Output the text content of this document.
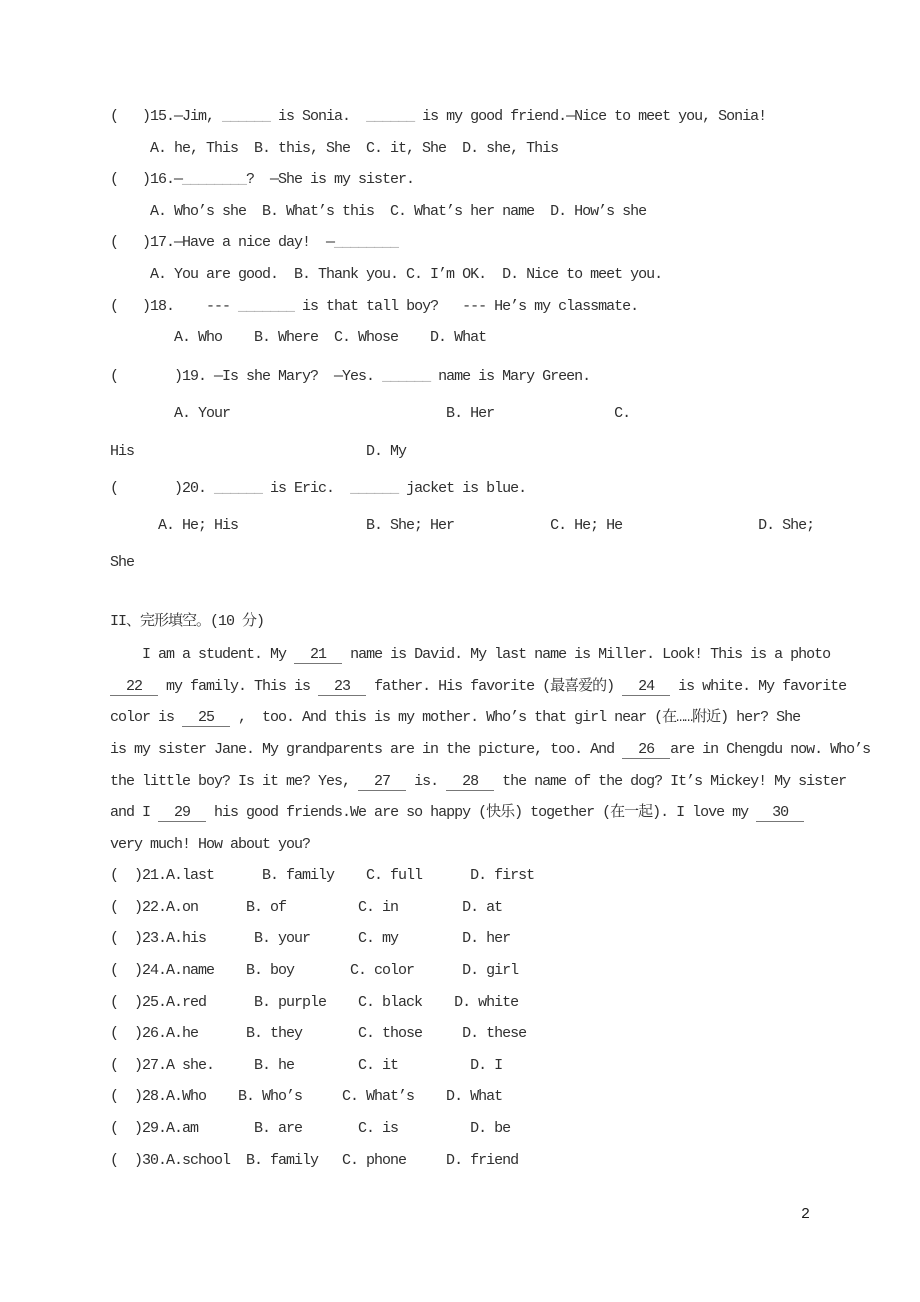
(   )15.—Jim, ______ is Sonia.  ______ is my good friend.—Nice to meet you, Sonia!
A. he, This  B. this, She  C. it, She  D. she, This
(   )16.—________?  —She is my sister.
A. Who’s she  B. What’s this  C. What’s her name  D. How’s she
(   )17.—Have a nice day!  —________
A. You are good.  B. Thank you. C. I’m OK.  D. Nice to meet you.
(   )18.    --- _______ is that tall boy?   --- He’s my classmate.
A. Who    B. Where  C. Whose    D. What
(       )19. —Is she Mary?  —Yes. ______ name is Mary Green.
A. Your                           B. Her               C.
His                             D. My
(       )20. ______ is Eric.  ______ jacket is blue.
A. He; His                B. She; Her            C. He; He                 D. She;
She
II、完形填空。(10 分)
I am a student. My   21   name is David. My last name is Miller. Look! This is a photo
22   my family. This is   23   father. His favorite (最喜爱的)   24   is white. My favorite
color is   25   ,  too. And this is my mother. Who’s that girl near (在……附近) her? She
is my sister Jane. My grandparents are in the picture, too. And   26  are in Chengdu now. Who’s
the little boy? Is it me? Yes,   27   is.   28   the name of the dog? It’s Mickey! My sister
and I   29   his good friends.We are so happy (快乐) together (在一起). I love my   30
very much! How about you?
(  )21.A.last      B. family    C. full      D. first
(  )22.A.on      B. of         C. in        D. at
(  )23.A.his      B. your      C. my        D. her
(  )24.A.name    B. boy       C. color      D. girl
(  )25.A.red      B. purple    C. black    D. white
(  )26.A.he      B. they       C. those     D. these
(  )27.A she.     B. he        C. it         D. I
(  )28.A.Who    B. Who’s     C. What’s    D. What
(  )29.A.am       B. are       C. is         D. be
(  )30.A.school  B. family   C. phone     D. friend
2
